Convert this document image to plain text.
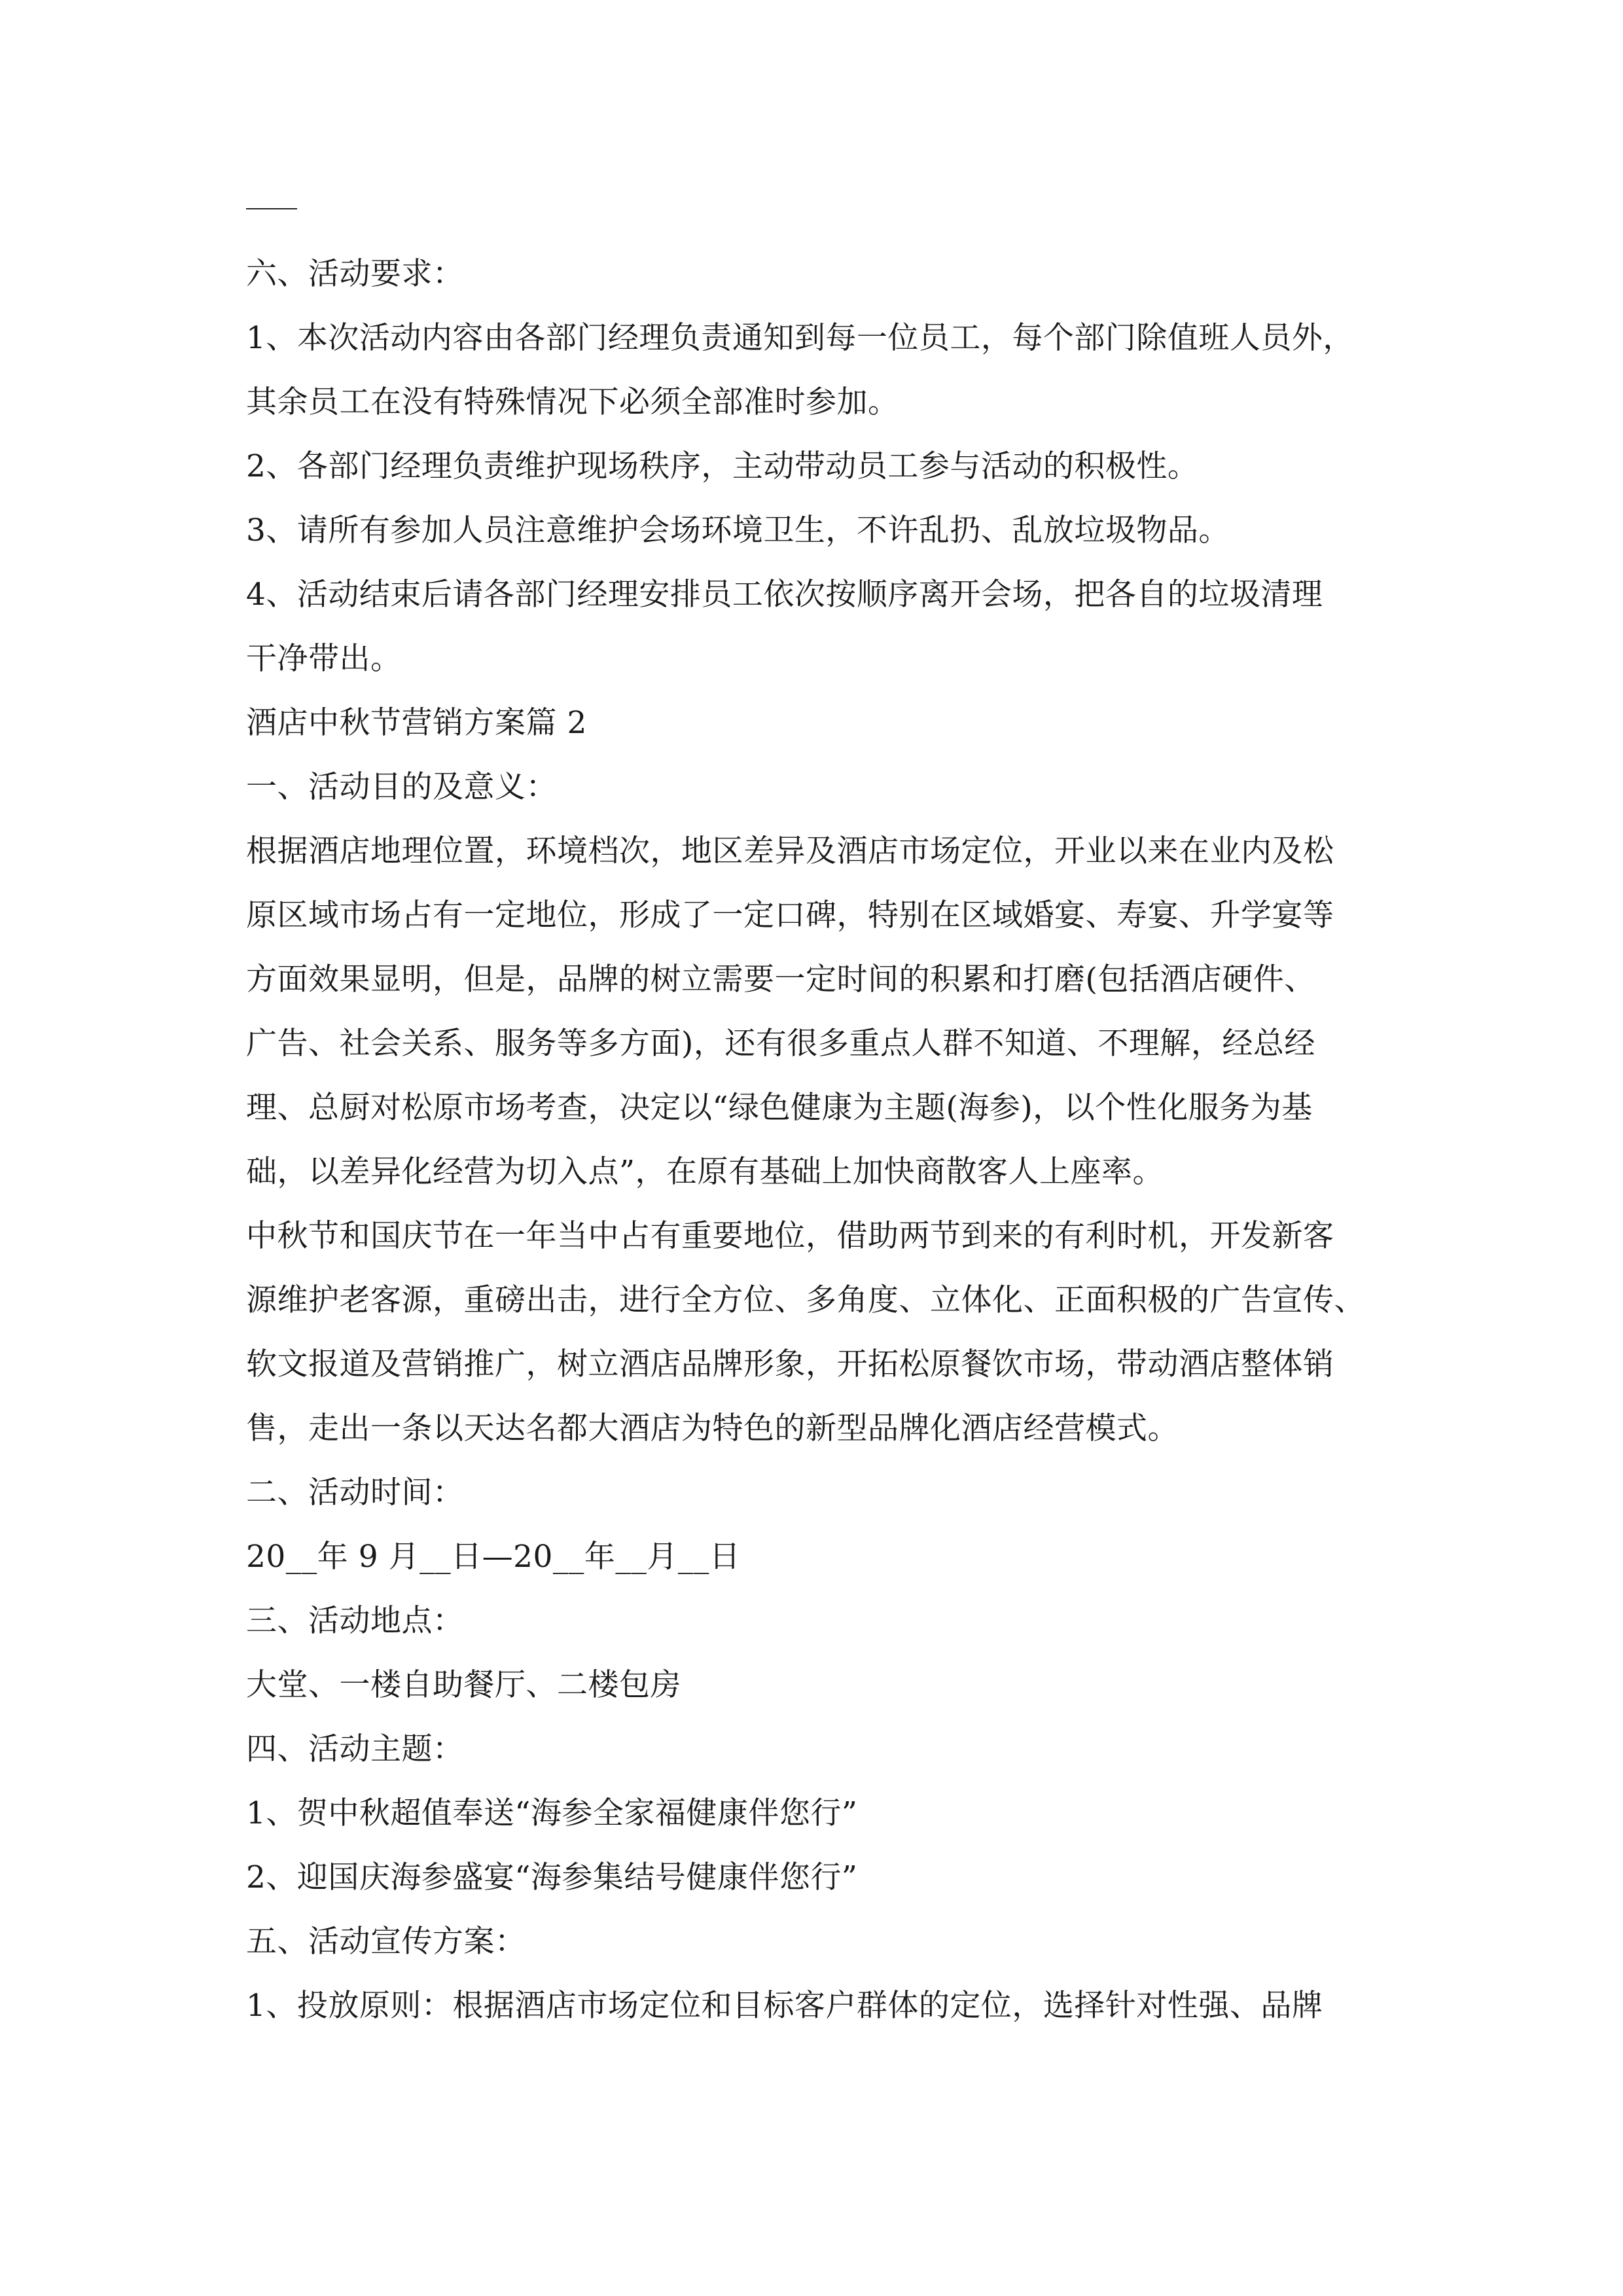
六、活动要求：
1、本次活动内容由各部门经理负责通知到每一位员工，每个部门除值班人员外，
其余员工在没有特殊情况下必须全部准时参加。
2、各部门经理负责维护现场秩序，主动带动员工参与活动的积极性。
3、请所有参加人员注意维护会场环境卫生，不许乱扔、乱放垃圾物品。
4、活动结束后请各部门经理安排员工依次按顺序离开会场，把各自的垃圾清理
干净带出。
酒店中秋节营销方案篇 2
一、活动目的及意义：
根据酒店地理位置，环境档次，地区差异及酒店市场定位，开业以来在业内及松
原区域市场占有一定地位，形成了一定口碑，特别在区域婚宴、寿宴、升学宴等
方面效果显明，但是，品牌的树立需要一定时间的积累和打磨(包括酒店硬件、
广告、社会关系、服务等多方面)，还有很多重点人群不知道、不理解，经总经
理、总厨对松原市场考查，决定以“绿色健康为主题(海参)，以个性化服务为基
础，以差异化经营为切入点”，在原有基础上加快商散客人上座率。
中秋节和国庆节在一年当中占有重要地位，借助两节到来的有利时机，开发新客
源维护老客源，重磅出击，进行全方位、多角度、立体化、正面积极的广告宣传、
软文报道及营销推广，树立酒店品牌形象，开拓松原餐饮市场，带动酒店整体销
售，走出一条以天达名都大酒店为特色的新型品牌化酒店经营模式。
二、活动时间：
20__年 9 月__日—20__年__月__日
三、活动地点：
大堂、一楼自助餐厅、二楼包房
四、活动主题：
1、贺中秋超值奉送“海参全家福健康伴您行”
2、迎国庆海参盛宴“海参集结号健康伴您行”
五、活动宣传方案：
1、投放原则：根据酒店市场定位和目标客户群体的定位，选择针对性强、品牌
